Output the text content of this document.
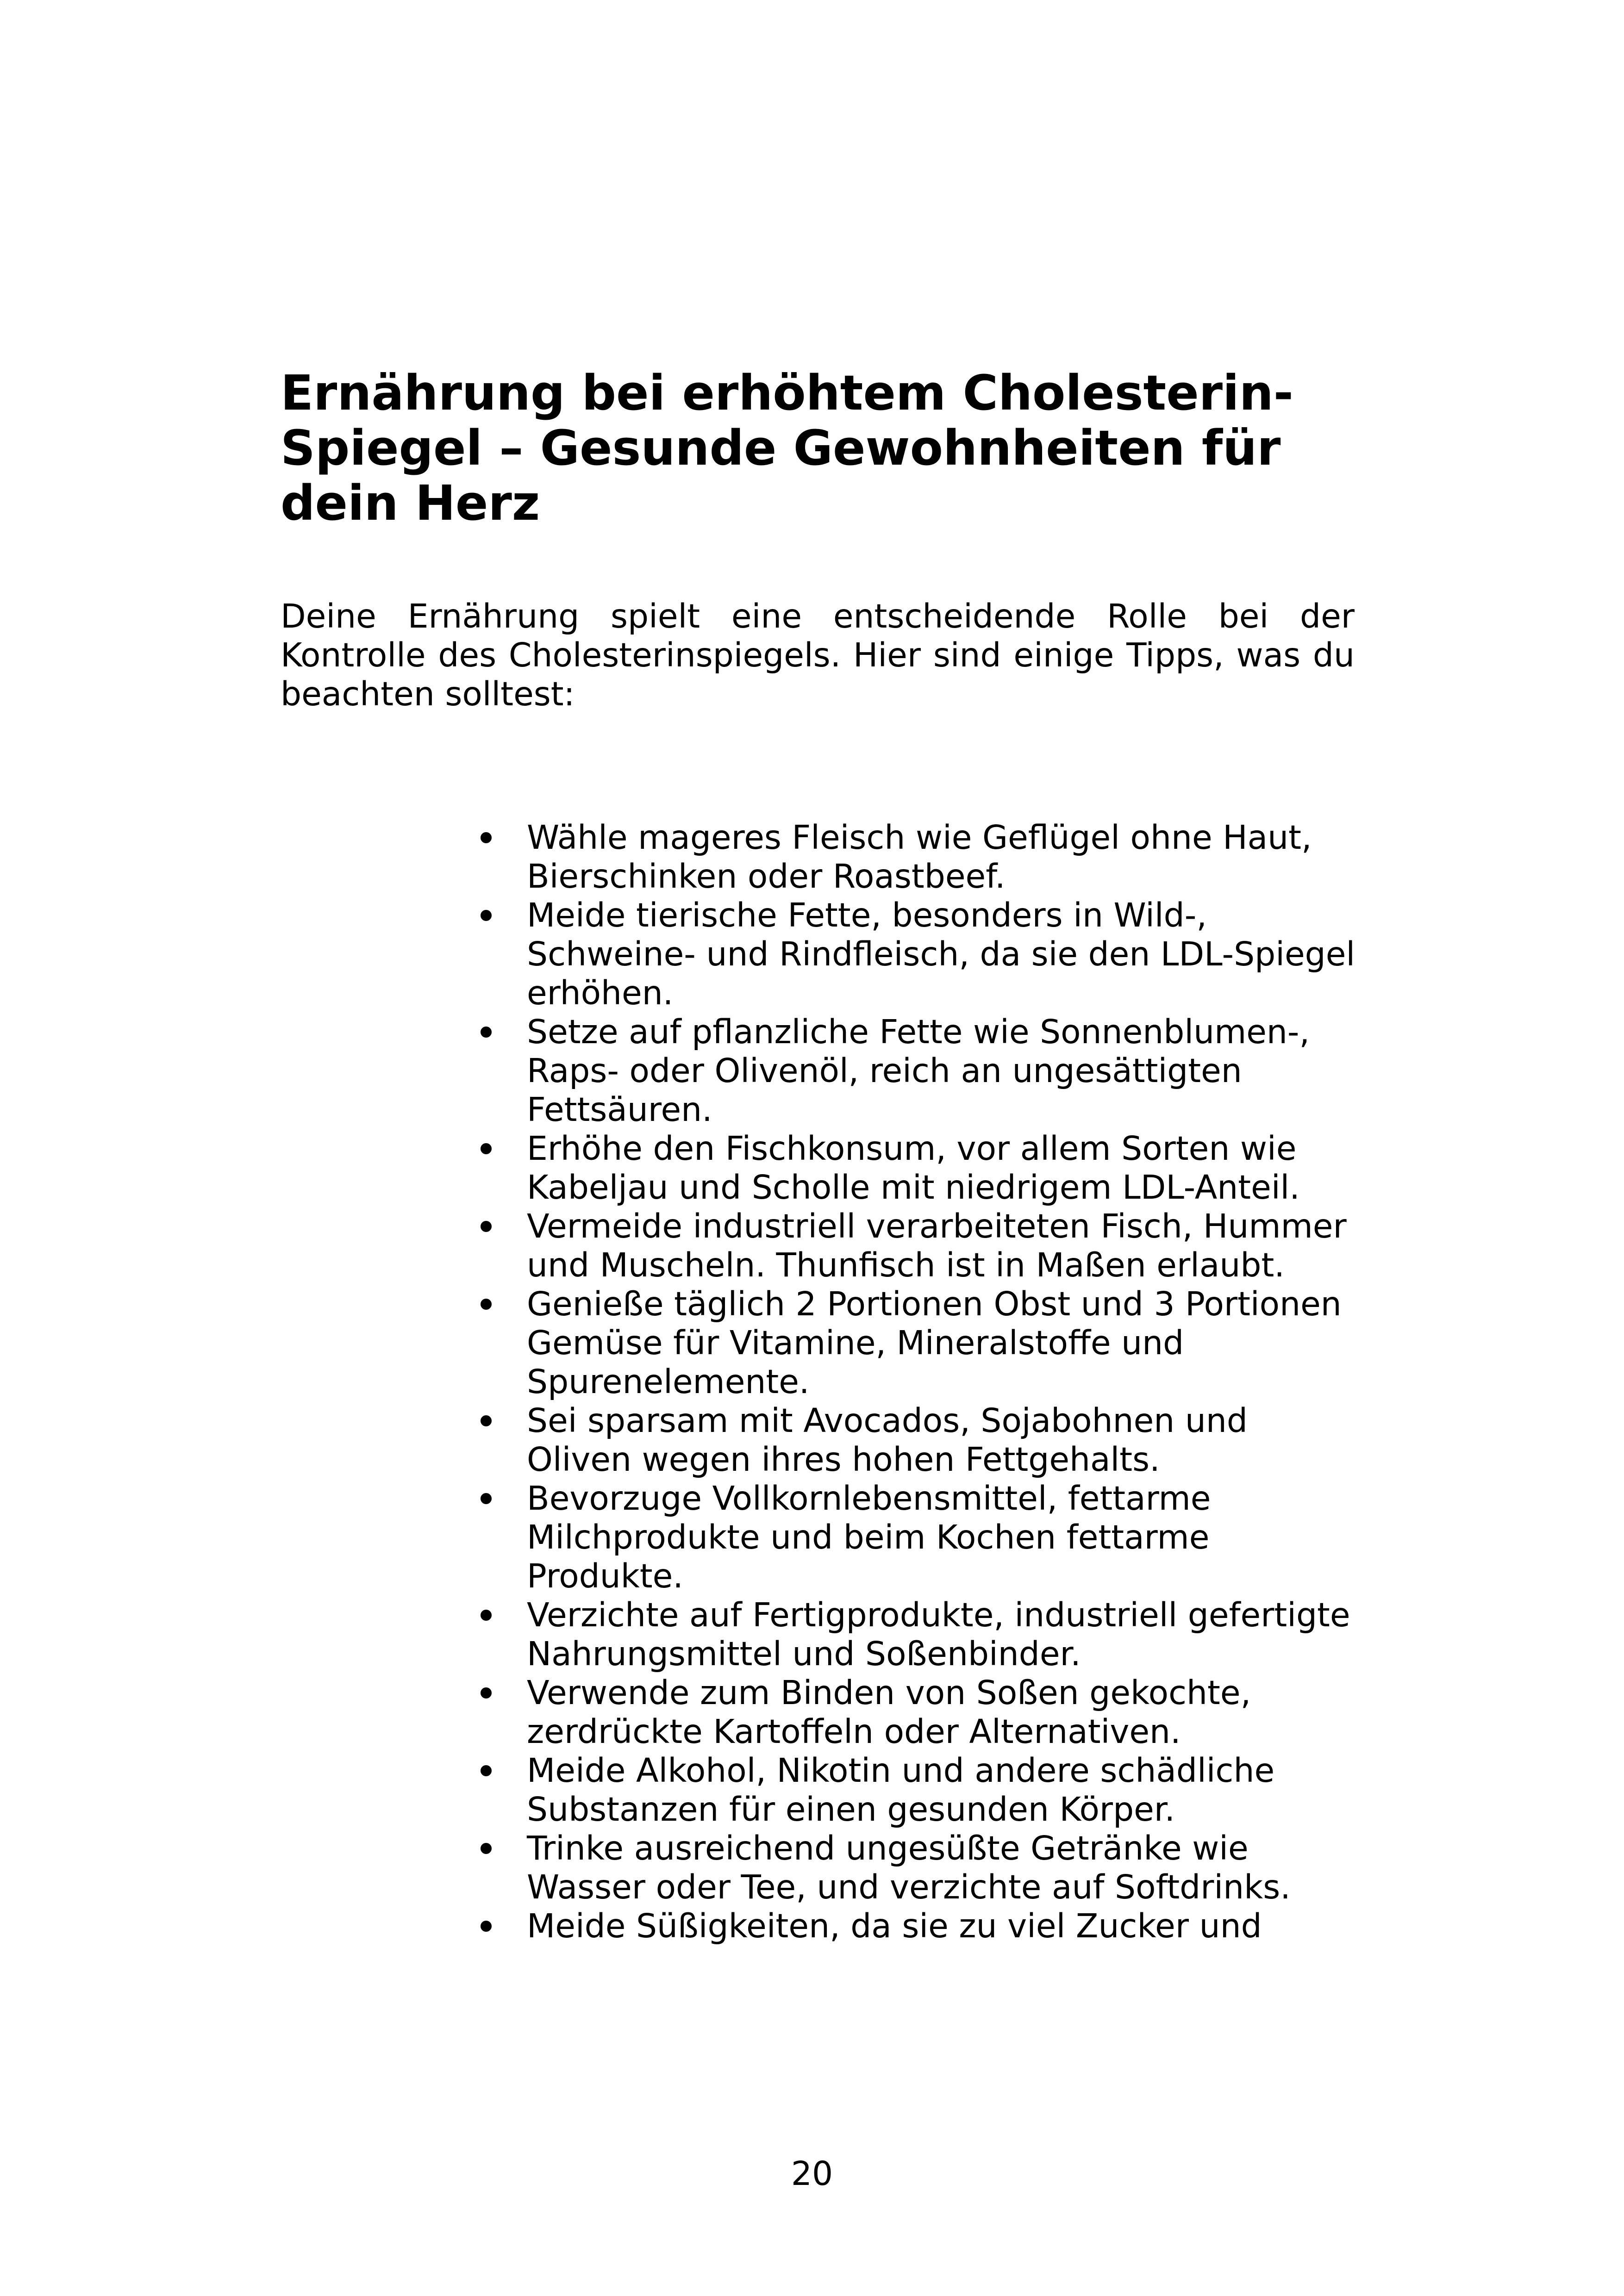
Ernährung bei erhöhtem Cholesterin-Spiegel – Gesunde Gewohnheiten für dein Herz

Deine Ernährung spielt eine entscheidende Rolle bei der Kontrolle des Cholesterinspiegels. Hier sind einige Tipps, was du beachten solltest:

Wähle mageres Fleisch wie Geflügel ohne Haut, Bierschinken oder Roastbeef.
Meide tierische Fette, besonders in Wild-, Schweine- und Rindfleisch, da sie den LDL-Spiegel erhöhen.
Setze auf pflanzliche Fette wie Sonnenblumen-, Raps- oder Olivenöl, reich an ungesättigten Fettsäuren.
Erhöhe den Fischkonsum, vor allem Sorten wie Kabeljau und Scholle mit niedrigem LDL-Anteil.
Vermeide industriell verarbeiteten Fisch, Hummer und Muscheln. Thunfisch ist in Maßen erlaubt.
Genieße täglich 2 Portionen Obst und 3 Portionen Gemüse für Vitamine, Mineralstoffe und Spurenelemente.
Sei sparsam mit Avocados, Sojabohnen und Oliven wegen ihres hohen Fettgehalts.
Bevorzuge Vollkornlebensmittel, fettarme Milchprodukte und beim Kochen fettarme Produkte.
Verzichte auf Fertigprodukte, industriell gefertigte Nahrungsmittel und Soßenbinder.
Verwende zum Binden von Soßen gekochte, zerdrückte Kartoffeln oder Alternativen.
Meide Alkohol, Nikotin und andere schädliche Substanzen für einen gesunden Körper.
Trinke ausreichend ungesüßte Getränke wie Wasser oder Tee, und verzichte auf Softdrinks.
Meide Süßigkeiten, da sie zu viel Zucker und
20
